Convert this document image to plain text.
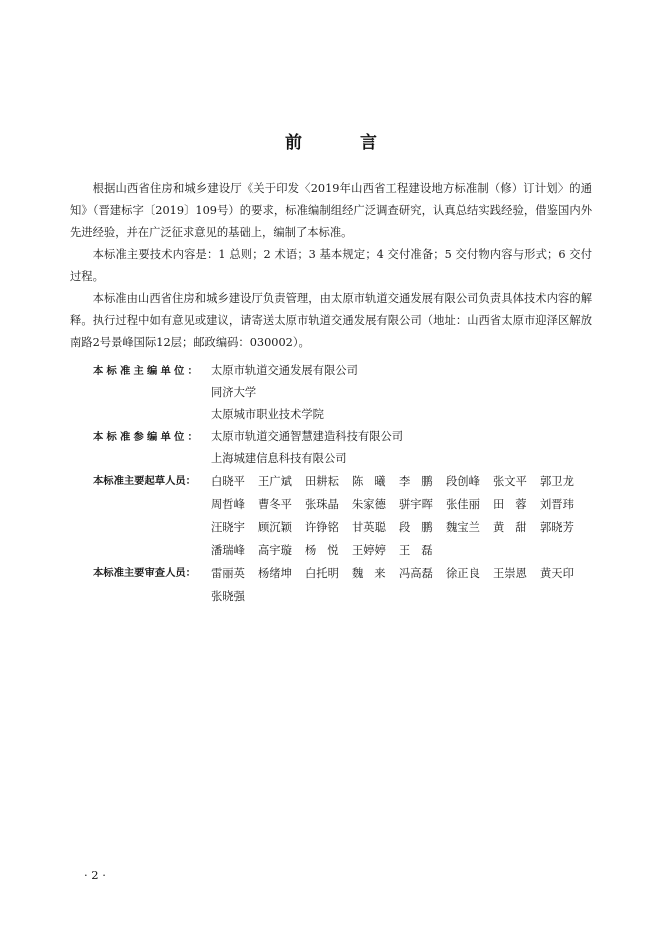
前 言

根据山西省住房和城乡建设厅《关于印发〈2019年山西省工程建设地方标准制（修）订计划〉的通知》（晋建标字〔2019〕109号）的要求，标准编制组经广泛调查研究，认真总结实践经验，借鉴国内外先进经验，并在广泛征求意见的基础上，编制了本标准。

本标准主要技术内容是：1 总则；2 术语；3 基本规定；4 交付准备；5 交付物内容与形式；6 交付过程。

本标准由山西省住房和城乡建设厅负责管理，由太原市轨道交通发展有限公司负责具体技术内容的解释。执行过程中如有意见或建议，请寄送太原市轨道交通发展有限公司（地址：山西省太原市迎泽区解放南路2号景峰国际12层；邮政编码：030002）。

本标准主编单位： 太原市轨道交通发展有限公司
同济大学
太原城市职业技术学院
本标准参编单位： 太原市轨道交通智慧建造科技有限公司
上海城建信息科技有限公司
本标准主要起草人员：	白晓平	王广斌	田耕耘	陈曦 李鹏 段创峰	张文平	郭卫龙
周哲峰	曹冬平	张珠晶	朱家德	骈宇晖	张佳丽	田蓉 刘晋玮
汪晓宇	顾沉颖	许铮铭	甘英聪	段鹏 魏宝兰	黄甜 郭晓芳
潘瑞峰	高宇璇	杨悦 王婷婷	王磊
本标准主要审查人员：	雷丽英	杨绪坤	白托明	魏来 冯高磊	徐正良	王崇恩	黄天印
张晓强
· 2 ·
